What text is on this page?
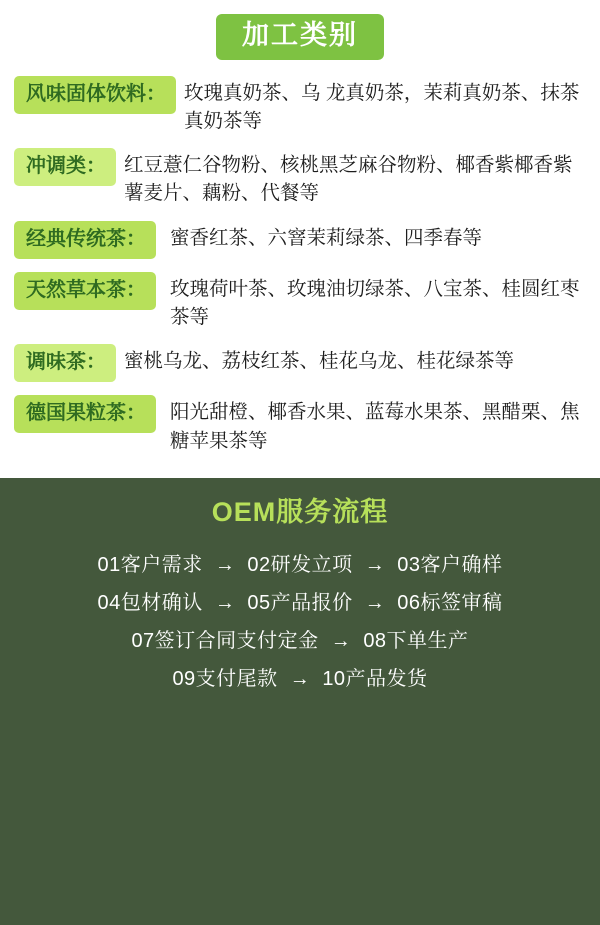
加工类别
风味固体饮料： 玫瑰真奶茶、乌 龙真奶茶，茉莉真奶茶、抹茶真奶茶等
冲调类： 红豆薏仁谷物粉、核桃黑芝麻谷物粉、椰香紫椰香紫薯麦片、藕粉、代餐等
经典传统茶：	蜜香红茶、六窨茉莉绿茶、四季春等
天然草本茶：	玫瑰荷叶茶、玫瑰油切绿茶、八宝茶、桂圆红枣茶等
调味茶： 蜜桃乌龙、荔枝红茶、桂花乌龙、桂花绿茶等
德国果粒茶：	阳光甜橙、椰香水果、蓝莓水果茶、黑醋栗、焦糖苹果茶等
OEM服务流程
01客户需求 → 02研发立项 → 03客户确样
04包材确认 → 05产品报价 → 06标签审稿
07签订合同支付定金 → 08下单生产
09支付尾款 → 10产品发货
